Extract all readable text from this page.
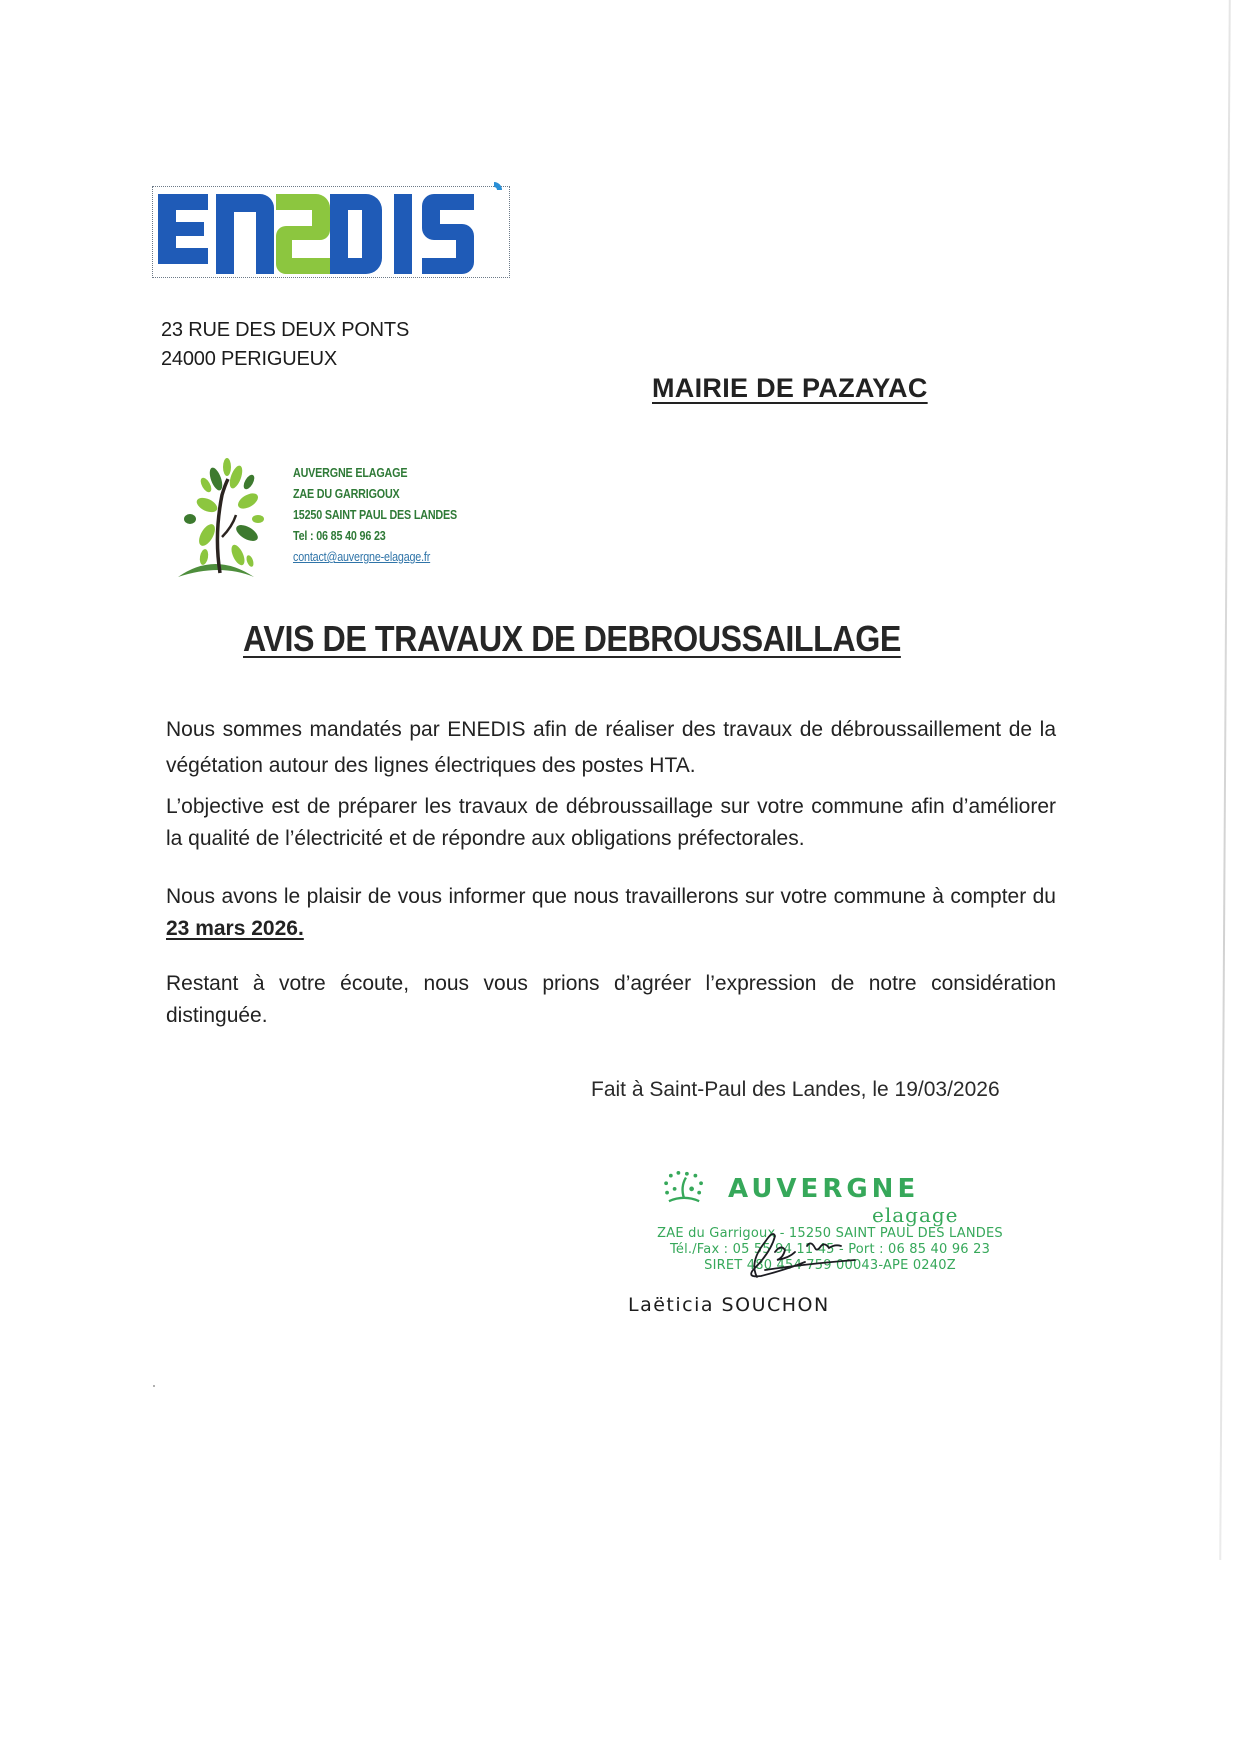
23 RUE DES DEUX PONTS
24000 PERIGUEUX
MAIRIE DE PAZAYAC
AUVERGNE ELAGAGE
ZAE DU GARRIGOUX
15250 SAINT PAUL DES LANDES
Tel : 06 85 40 96 23
contact@auvergne-elagage.fr
AVIS DE TRAVAUX DE DEBROUSSAILLAGE
Nous sommes mandatés par ENEDIS afin de réaliser des travaux de débroussaillement de la végétation autour des lignes électriques des postes HTA.
L’objective est de préparer les travaux de débroussaillage sur votre commune afin d’améliorer la qualité de l’électricité et de répondre aux obligations préfectorales.
Nous avons le plaisir de vous informer que nous travaillerons sur votre commune à compter du 23 mars 2026.
Restant à votre écoute, nous vous prions d’agréer l’expression de notre considération distinguée.
Fait à Saint-Paul des Landes, le 19/03/2026
AUVERGNE
elagage
ZAE du Garrigoux - 15250 SAINT PAUL DES LANDES
Tél./Fax : 05 55 94 11 45 - Port : 06 85 40 96 23
SIRET 480 454 759 00043-APE 0240Z
Laëticia SOUCHON
